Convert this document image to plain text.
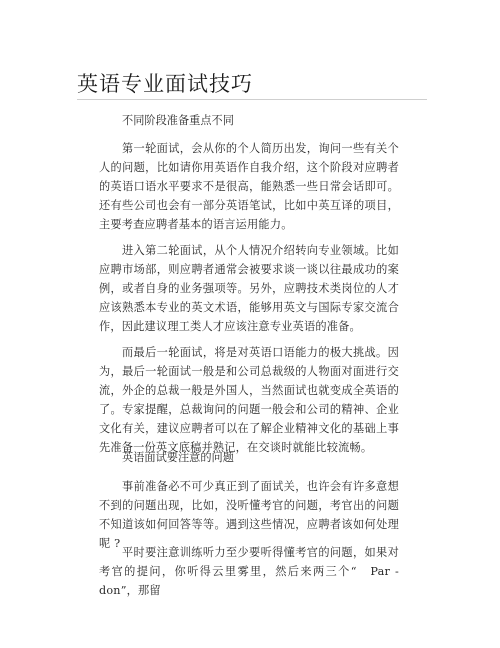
英语专业面试技巧

不同阶段准备重点不同

第一轮面试，会从你的个人简历出发，询问一些有关个人的问题，比如请你用英语作自我介绍，这个阶段对应聘者的英语口语水平要求不是很高，能熟悉一些日常会话即可。还有些公司也会有一部分英语笔试，比如中英互译的项目，主要考查应聘者基本的语言运用能力。

进入第二轮面试，从个人情况介绍转向专业领域。比如应聘市场部，则应聘者通常会被要求谈一谈以往最成功的案例，或者自身的业务强项等。另外，应聘技术类岗位的人才应该熟悉本专业的英文术语，能够用英文与国际专家交流合作，因此建议理工类人才应该注意专业英语的准备。

而最后一轮面试，将是对英语口语能力的极大挑战。因为，最后一轮面试一般是和公司总裁级的人物面对面进行交流，外企的总裁一般是外国人，当然面试也就变成全英语的了。专家提醒，总裁询问的问题一般会和公司的精神、企业文化有关，建议应聘者可以在了解企业精神文化的基础上事先准备一份英文底稿并熟记，在交谈时就能比较流畅。

英语面试要注意的问题

事前准备必不可少真正到了面试关，也许会有许多意想不到的问题出现，比如，没听懂考官的问题，考官出的问题不知道该如何回答等等。遇到这些情况，应聘者该如何处理呢 ?

平时要注意训练听力至少要听得懂考官的问题，如果对考官的提问，你听得云里雾里，然后来两三个“　Par - don”，那留
